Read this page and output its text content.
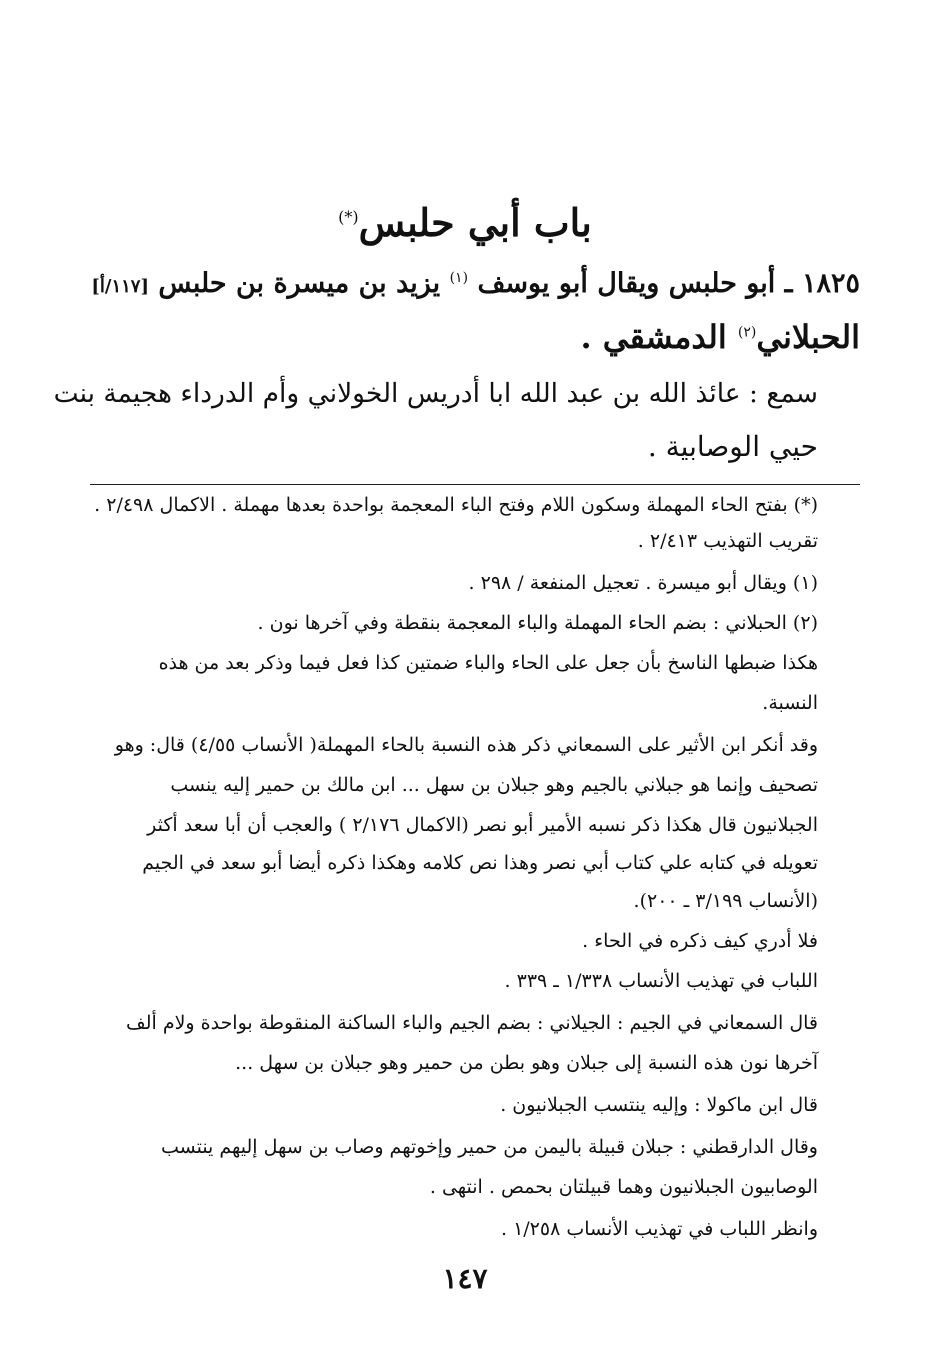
باب أبي حلبس(*)
١٨٢٥ ـ أبو حلبس ويقال أبو يوسف $^{(١)}$ يزيد بن ميسرة بن حلبس [١١٧/أ]
الحبلاني$^{(٢)}$ الدمشقي .
سمع : عائذ الله بن عبد الله ابا أدريس الخولاني وأم الدرداء هجيمة بنت
حيي الوصابية .
(*) بفتح الحاء المهملة وسكون اللام وفتح الباء المعجمة بواحدة بعدها مهملة . الاكمال ٢/٤٩٨ .
تقريب التهذيب ٢/٤١٣ .
(١) ويقال أبو ميسرة . تعجيل المنفعة / ٢٩٨ .
(٢) الحبلاني : بضم الحاء المهملة والباء المعجمة بنقطة وفي آخرها نون .
هكذا ضبطها الناسخ بأن جعل على الحاء والباء ضمتين كذا فعل فيما وذكر بعد من هذه
النسبة.
وقد أنكر ابن الأثير على السمعاني ذكر هذه النسبة بالحاء المهملة( الأنساب ٤/٥٥) قال: وهو
تصحيف وإنما هو جبلاني بالجيم وهو جبلان بن سهل ... ابن مالك بن حمير إليه ينسب
الجبلانيون قال هكذا ذكر نسبه الأمير أبو نصر (الاكمال ٢/١٧٦ ) والعجب أن أبا سعد أكثر
تعويله في كتابه علي كتاب أبي نصر وهذا نص كلامه وهكذا ذكره أيضا أبو سعد في الجيم
(الأنساب ٣/١٩٩ ـ ٢٠٠).
فلا أدري كيف ذكره في الحاء .
اللباب في تهذيب الأنساب ١/٣٣٨ ـ ٣٣٩ .
قال السمعاني في الجيم : الجيلاني : بضم الجيم والباء الساكنة المنقوطة بواحدة ولام ألف
آخرها نون هذه النسبة إلى جبلان وهو بطن من حمير وهو جبلان بن سهل ...
قال ابن ماكولا : وإليه ينتسب الجبلانيون .
وقال الدارقطني : جبلان قبيلة باليمن من حمير وإخوتهم وصاب بن سهل إليهم ينتسب
الوصابيون الجبلانيون وهما قبيلتان بحمص . انتهى .
وانظر اللباب في تهذيب الأنساب ١/٢٥٨ .
١٤٧
